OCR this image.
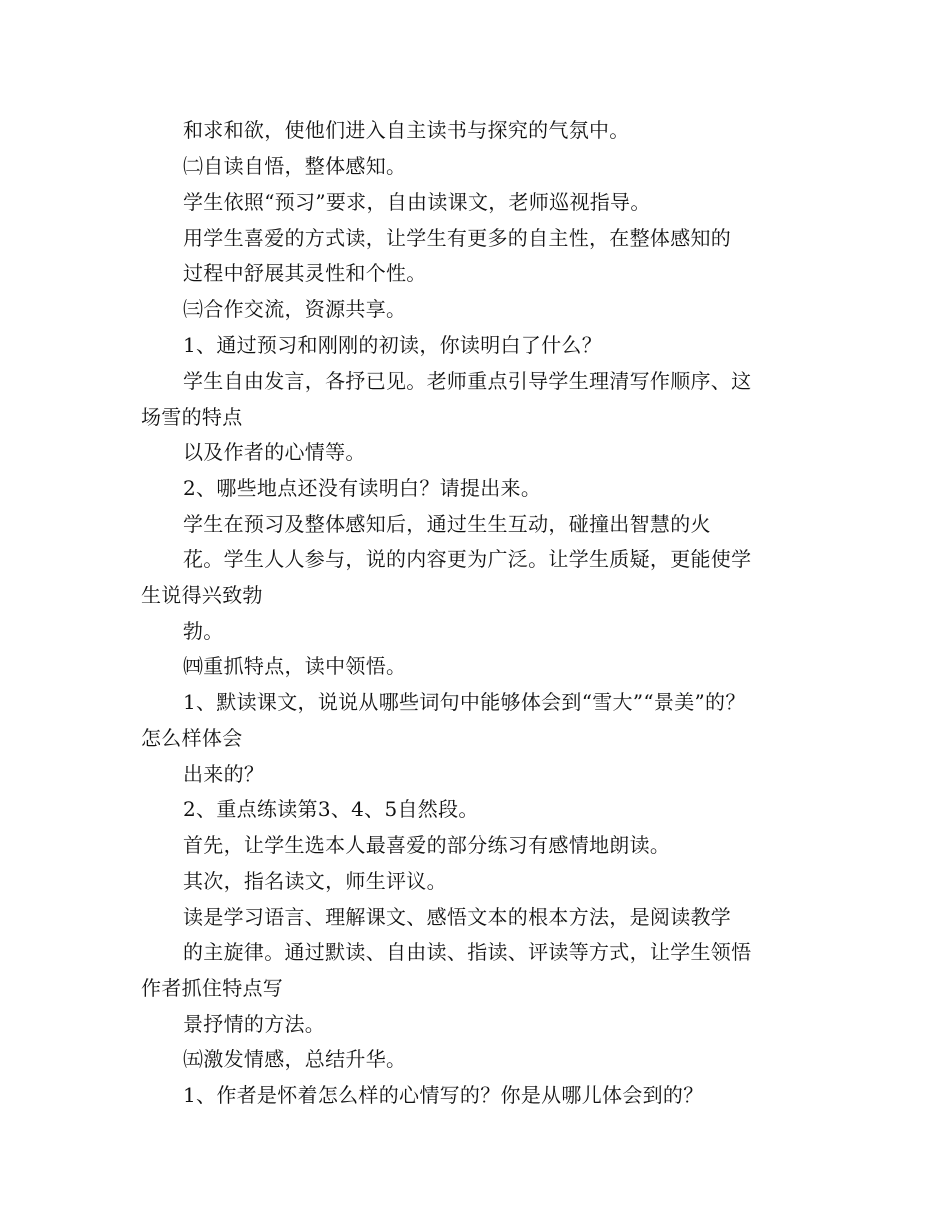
和求和欲，使他们进入自主读书与探究的气氛中。
㈡自读自悟，整体感知。
学生依照“预习”要求，自由读课文，老师巡视指导。
用学生喜爱的方式读，让学生有更多的自主性，在整体感知的
过程中舒展其灵性和个性。
㈢合作交流，资源共享。
1、通过预习和刚刚的初读，你读明白了什么？
学生自由发言，各抒已见。老师重点引导学生理清写作顺序、这
场雪的特点
以及作者的心情等。
2、哪些地点还没有读明白？请提出来。
学生在预习及整体感知后，通过生生互动，碰撞出智慧的火
花。学生人人参与，说的内容更为广泛。让学生质疑，更能使学
生说得兴致勃
勃。
㈣重抓特点，读中领悟。
1、默读课文，说说从哪些词句中能够体会到“雪大”“景美”的？
怎么样体会
出来的？
2、重点练读第3、4、5自然段。
首先，让学生选本人最喜爱的部分练习有感情地朗读。
其次，指名读文，师生评议。
读是学习语言、理解课文、感悟文本的根本方法，是阅读教学
的主旋律。通过默读、自由读、指读、评读等方式，让学生领悟
作者抓住特点写
景抒情的方法。
㈤激发情感，总结升华。
1、作者是怀着怎么样的心情写的？你是从哪儿体会到的？
